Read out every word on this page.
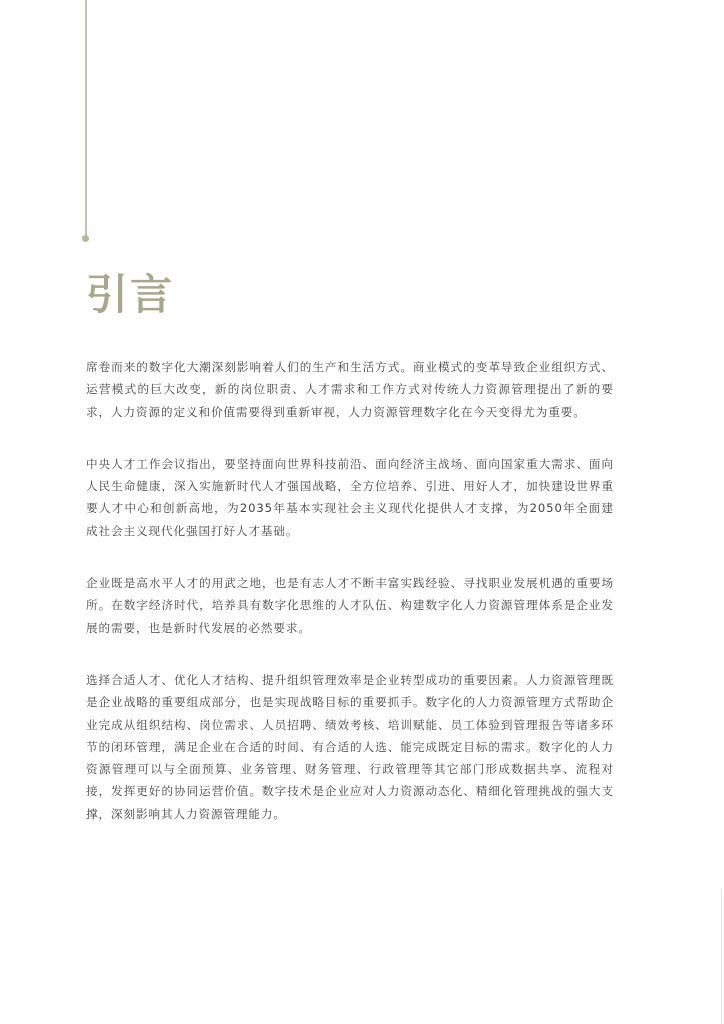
引言

席卷而来的数字化大潮深刻影响着人们的生产和生活方式。商业模式的变革导致企业组织方式、运营模式的巨大改变，新的岗位职责、人才需求和工作方式对传统人力资源管理提出了新的要求，人力资源的定义和价值需要得到重新审视，人力资源管理数字化在今天变得尤为重要。

中央人才工作会议指出，要坚持面向世界科技前沿、面向经济主战场、面向国家重大需求、面向人民生命健康，深入实施新时代人才强国战略，全方位培养、引进、用好人才，加快建设世界重要人才中心和创新高地，为2035年基本实现社会主义现代化提供人才支撑，为2050年全面建成社会主义现代化强国打好人才基础。

企业既是高水平人才的用武之地，也是有志人才不断丰富实践经验、寻找职业发展机遇的重要场所。在数字经济时代，培养具有数字化思维的人才队伍、构建数字化人力资源管理体系是企业发展的需要，也是新时代发展的必然要求。

选择合适人才、优化人才结构、提升组织管理效率是企业转型成功的重要因素。人力资源管理既是企业战略的重要组成部分，也是实现战略目标的重要抓手。数字化的人力资源管理方式帮助企业完成从组织结构、岗位需求、人员招聘、绩效考核、培训赋能、员工体验到管理报告等诸多环节的闭环管理，满足企业在合适的时间、有合适的人选、能完成既定目标的需求。数字化的人力资源管理可以与全面预算、业务管理、财务管理、行政管理等其它部门形成数据共享、流程对接，发挥更好的协同运营价值。数字技术是企业应对人力资源动态化、精细化管理挑战的强大支撑，深刻影响其人力资源管理能力。
